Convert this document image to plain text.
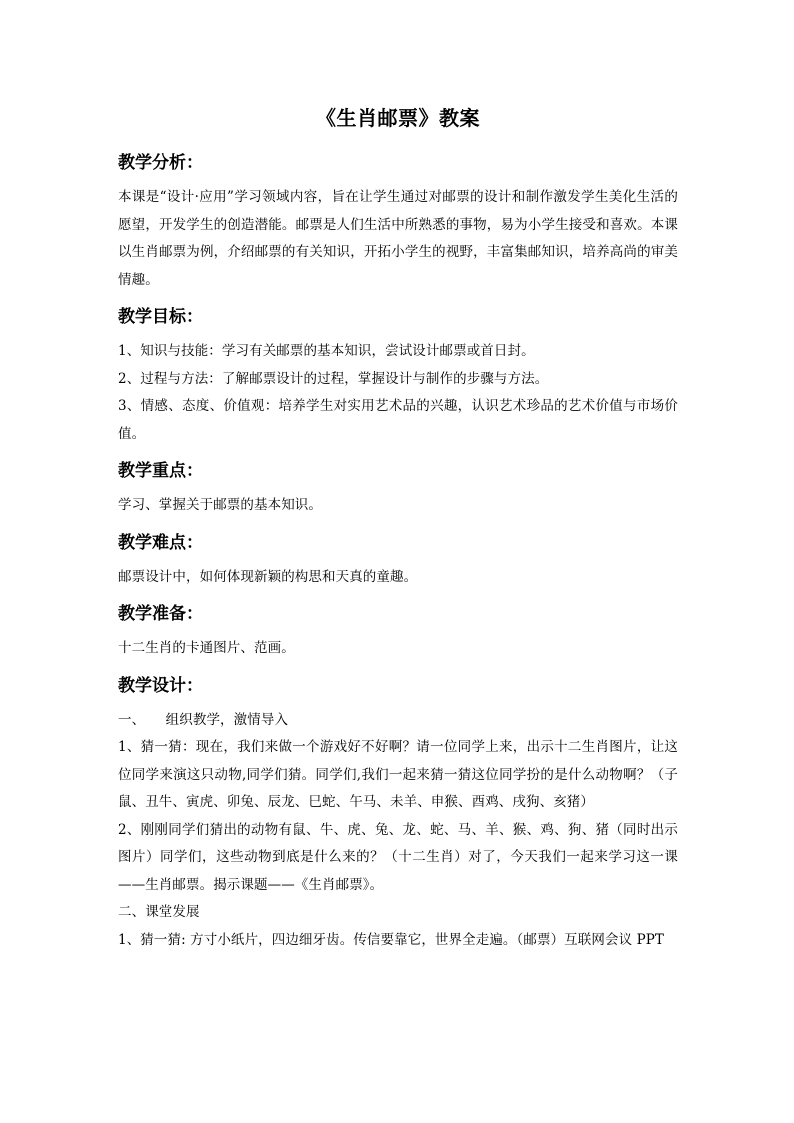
《生肖邮票》教案
教学分析：

本课是“设计·应用”学习领域内容，旨在让学生通过对邮票的设计和制作激发学生美化生活的愿望，开发学生的创造潜能。邮票是人们生活中所熟悉的事物，易为小学生接受和喜欢。本课以生肖邮票为例，介绍邮票的有关知识，开拓小学生的视野，丰富集邮知识，培养高尚的审美情趣。

教学目标：

1、知识与技能：学习有关邮票的基本知识，尝试设计邮票或首日封。

2、过程与方法：了解邮票设计的过程，掌握设计与制作的步骤与方法。

3、情感、态度、价值观：培养学生对实用艺术品的兴趣，认识艺术珍品的艺术价值与市场价值。

教学重点：

学习、掌握关于邮票的基本知识。

教学难点：

邮票设计中，如何体现新颖的构思和天真的童趣。

教学准备：

十二生肖的卡通图片、范画。

教学设计：

一、　　组织教学，激情导入

1、猜一猜：现在，我们来做一个游戏好不好啊？请一位同学上来，出示十二生肖图片，让这位同学来演这只动物,同学们猜。同学们,我们一起来猜一猜这位同学扮的是什么动物啊？（子鼠、丑牛、寅虎、卯兔、辰龙、巳蛇、午马、未羊、申猴、酉鸡、戌狗、亥猪）

2、刚刚同学们猜出的动物有鼠、牛、虎、兔、龙、蛇、马、羊、猴、鸡、狗、猪（同时出示图片）同学们，这些动物到底是什么来的？（十二生肖）对了，今天我们一起来学习这一课——生肖邮票。揭示课题——《生肖邮票》。

二、课堂发展

1、猜一猜: 方寸小纸片，四边细牙齿。传信要靠它，世界全走遍。（邮票）互联网会议 PPT
